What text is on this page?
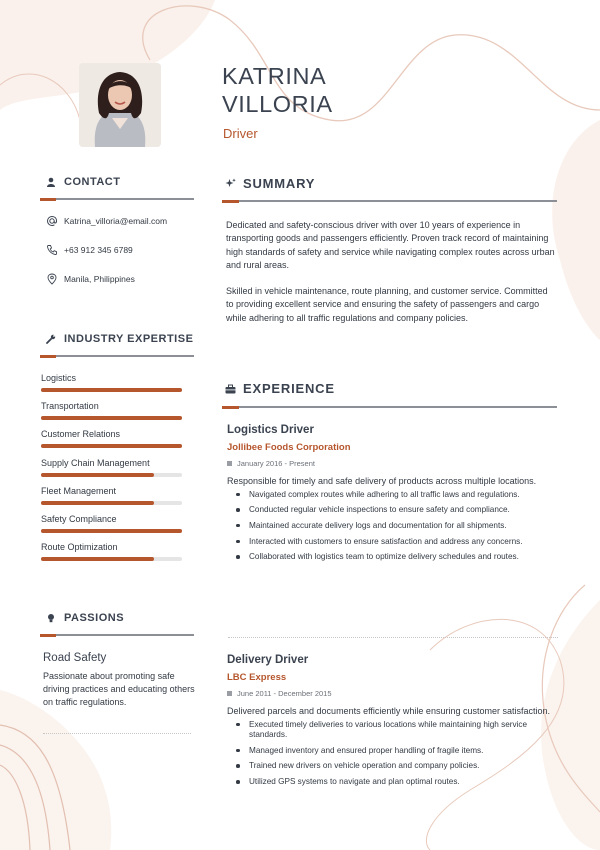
KATRINA
VILLORIA
Driver
CONTACT
Katrina_villoria@email.com
+63 912 345 6789
Manila, Philippines
INDUSTRY EXPERTISE
PASSIONS
Road Safety
Passionate about promoting safe driving practices and educating others on traffic regulations.
SUMMARY
Dedicated and safety-conscious driver with over 10 years of experience in transporting goods and passengers efficiently. Proven track record of maintaining high standards of safety and service while navigating complex routes across urban and rural areas.
Skilled in vehicle maintenance, route planning, and customer service. Committed to providing excellent service and ensuring the safety of passengers and cargo while adhering to all traffic regulations and company policies.
EXPERIENCE
Logistics Driver
Jollibee Foods Corporation
January 2016 - Present
Responsible for timely and safe delivery of products across multiple locations.
Navigated complex routes while adhering to all traffic laws and regulations.
Conducted regular vehicle inspections to ensure safety and compliance.
Maintained accurate delivery logs and documentation for all shipments.
Interacted with customers to ensure satisfaction and address any concerns.
Collaborated with logistics team to optimize delivery schedules and routes.
Delivery Driver
LBC Express
June 2011 - December 2015
Delivered parcels and documents efficiently while ensuring customer satisfaction.
Executed timely deliveries to various locations while maintaining high service standards.
Managed inventory and ensured proper handling of fragile items.
Trained new drivers on vehicle operation and company policies.
Utilized GPS systems to navigate and plan optimal routes.
Logistics
Transportation
Customer Relations
Supply Chain Management
Fleet Management
Safety Compliance
Route Optimization
